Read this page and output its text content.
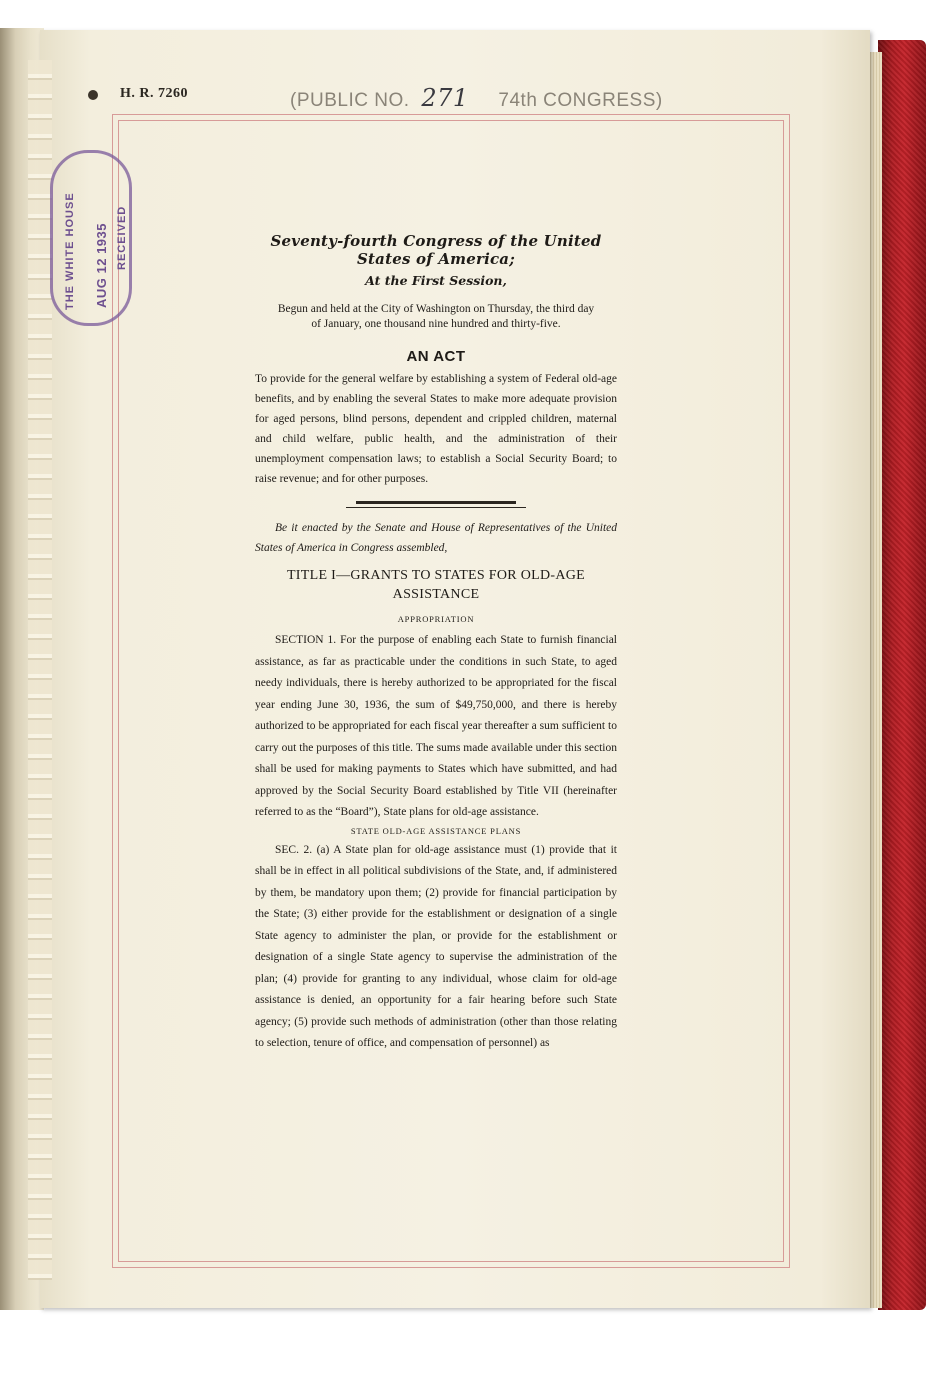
H. R. 7260	(PUBLIC NO. 271 74th CONGRESS)
THE WHITE HOUSE AUG 12 1935 RECEIVED	Seventy-fourth Congress of the United States of America;
At the First Session,
Begun and held at the City of Washington on Thursday, the third day of January, one thousand nine hundred and thirty-five.
AN ACT
To provide for the general welfare by establishing a system of Federal old-age benefits, and by enabling the several States to make more adequate provision for aged persons, blind persons, dependent and crippled children, maternal and child welfare, public health, and the administration of their unemployment compensation laws; to establish a Social Security Board; to raise revenue; and for other purposes.
Be it enacted by the Senate and House of Representatives of the United States of America in Congress assembled,
TITLE I—GRANTS TO STATES FOR OLD-AGE ASSISTANCE
APPROPRIATION
SECTION 1. For the purpose of enabling each State to furnish financial assistance, as far as practicable under the conditions in such State, to aged needy individuals, there is hereby authorized to be appropriated for the fiscal year ending June 30, 1936, the sum of $49,750,000, and there is hereby authorized to be appropriated for each fiscal year thereafter a sum sufficient to carry out the purposes of this title. The sums made available under this section shall be used for making payments to States which have submitted, and had approved by the Social Security Board established by Title VII (hereinafter referred to as the “Board”), State plans for old-age assistance.
STATE OLD-AGE ASSISTANCE PLANS
SEC. 2. (a) A State plan for old-age assistance must (1) provide that it shall be in effect in all political subdivisions of the State, and, if administered by them, be mandatory upon them; (2) provide for financial participation by the State; (3) either provide for the establishment or designation of a single State agency to administer the plan, or provide for the establishment or designation of a single State agency to supervise the administration of the plan; (4) provide for granting to any individual, whose claim for old-age assistance is denied, an opportunity for a fair hearing before such State agency; (5) provide such methods of administration (other than those relating to selection, tenure of office, and compensation of personnel) as
